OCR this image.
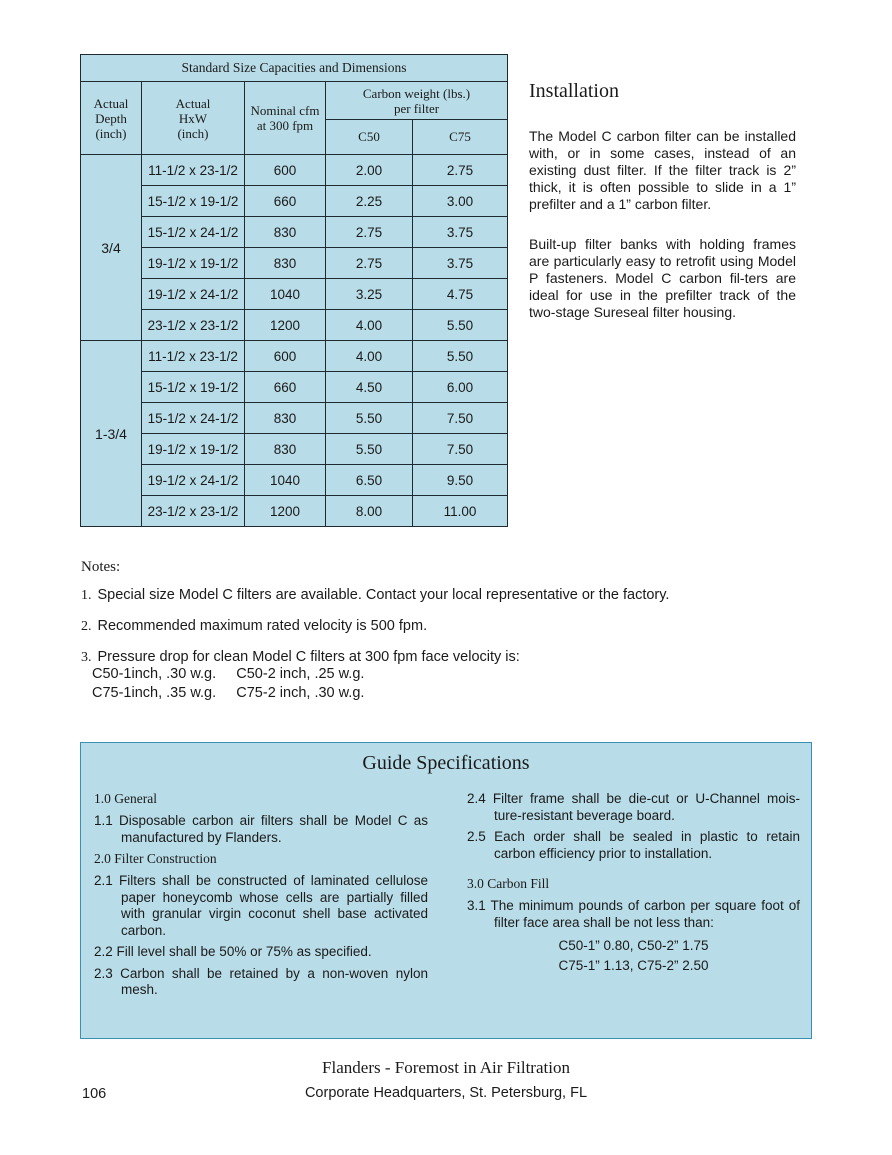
Standard Size Capacities and Dimensions				
Actual
Depth
(inch)	Actual
HxW
(inch)	Nominal cfm
at 300 fpm	Carbon weight (lbs.)
per filter	
			C50	C75
3/4	11-1/2 x 23-1/2	600	2.00	2.75
	15-1/2 x 19-1/2	660	2.25	3.00
	15-1/2 x 24-1/2	830	2.75	3.75
	19-1/2 x 19-1/2	830	2.75	3.75
	19-1/2 x 24-1/2	1040	3.25	4.75
	23-1/2 x 23-1/2	1200	4.00	5.50
1-3/4	11-1/2 x 23-1/2	600	4.00	5.50
	15-1/2 x 19-1/2	660	4.50	6.00
	15-1/2 x 24-1/2	830	5.50	7.50
	19-1/2 x 19-1/2	830	5.50	7.50
	19-1/2 x 24-1/2	1040	6.50	9.50
	23-1/2 x 23-1/2	1200	8.00	11.00
Installation

The Model C carbon filter can be installed with, or in some cases, instead of an existing dust filter. If the filter track is 2” thick, it is often possible to slide in a 1” prefilter and a 1” carbon filter.

Built-up filter banks with holding frames are particularly easy to retrofit using Model P fasteners. Model C carbon fil-ters are ideal for use in the prefilter track of the two-stage Sureseal filter housing.

Notes:

1. Special size Model C filters are available. Contact your local representative or the factory.

2. Recommended maximum rated velocity is 500 fpm.

3. Pressure drop for clean Model C filters at 300 fpm face velocity is:

C50-1inch, .30 w.g.     C50-2 inch, .25 w.g.

C75-1inch, .35 w.g.     C75-2 inch, .30 w.g.

Guide Specifications

1.0 General

1.1 Disposable carbon air filters shall be Model C as manufactured by Flanders.

2.0 Filter Construction

2.1 Filters shall be constructed of laminated cellulose paper honeycomb whose cells are partially filled with granular virgin coconut shell base activated carbon.

2.2 Fill level shall be 50% or 75% as specified.

2.3 Carbon shall be retained by a non-woven nylon mesh.

2.4 Filter frame shall be die-cut or U-Channel mois-ture-resistant beverage board.

2.5 Each order shall be sealed in plastic to retain carbon efficiency prior to installation.

3.0 Carbon Fill

3.1 The minimum pounds of carbon per square foot of filter face area shall be not less than:

C50-1” 0.80, C50-2” 1.75

C75-1” 1.13, C75-2” 2.50

Flanders - Foremost in Air Filtration
Corporate Headquarters, St. Petersburg, FL
106
